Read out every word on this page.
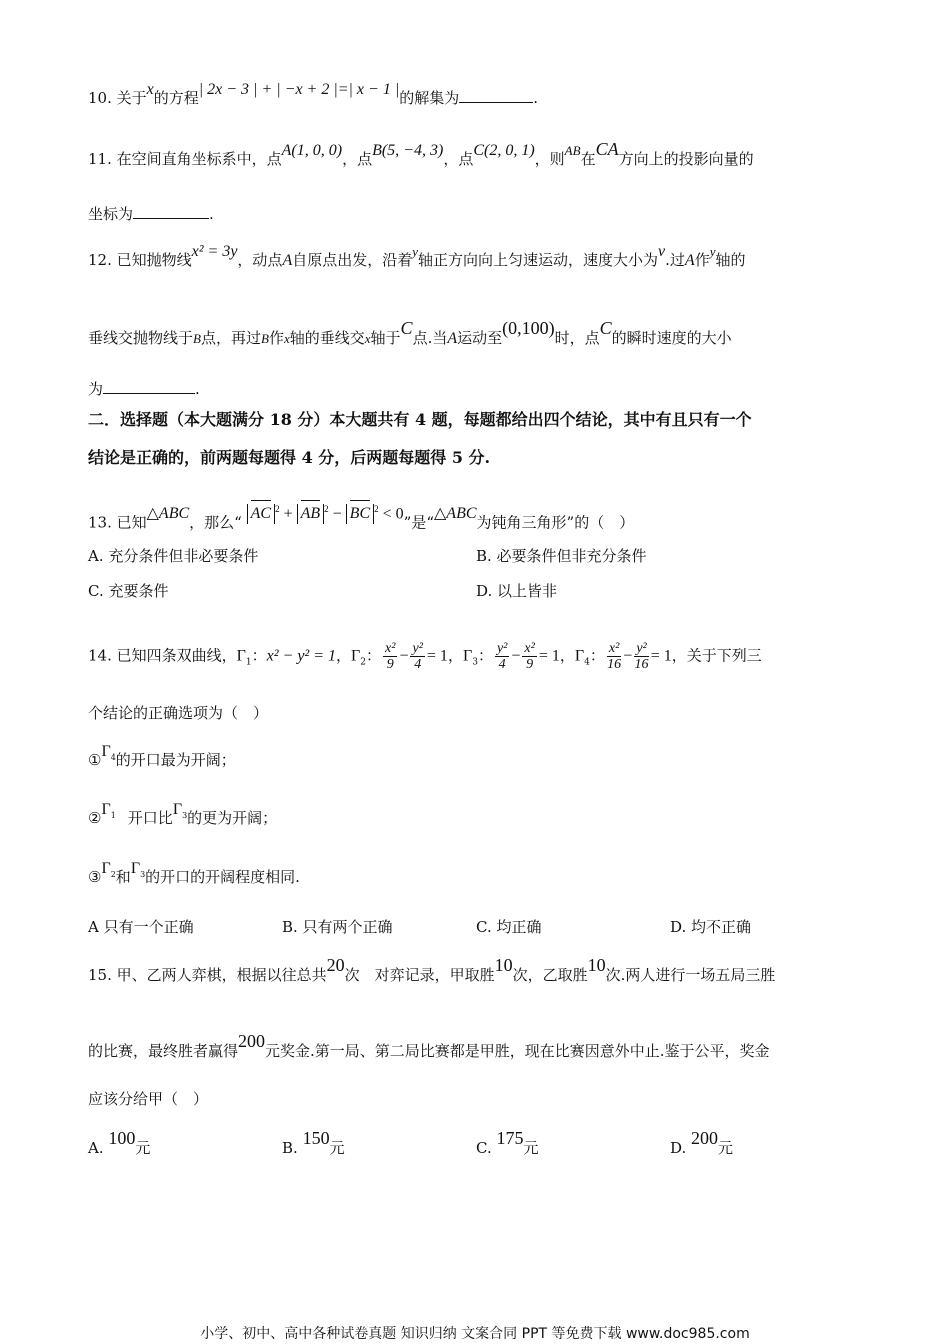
10. 关于x的方程| 2x − 3 | + | −x + 2 |=| x − 1 |的解集为	.
11. 在空间直角坐标系中，点A(1, 0, 0)，点B(5, −4, 3)，点C(2, 0, 1)，则AB在CA方向上的投影向量的
坐标为	.
12. 已知抛物线x² = 3y，动点A自原点出发，沿着y轴正方向向上匀速运动，速度大小为v.过A作y轴的
垂线交抛物线于B点，再过B作x轴的垂线交x轴于C点.当A运动至(0,100)时，点C的瞬时速度的大小
为	.
二．选择题（本大题满分 18 分）本大题共有 4 题，每题都给出四个结论，其中有且只有一个
结论是正确的，前两题每题得 4 分，后两题每题得 5 分.
13. 已知△ABC，那么“ AC $^2$ + AB $^2$ − BC $^2$ < 0”是“△ABC为钝角三角形”的（　）
A. 充分条件但非必要条件	B. 必要条件但非充分条件
C. 充要条件	D. 以上皆非
14. 已知四条双曲线，$\Gamma_1$：x² − y² = 1，$\Gamma_2$： $\frac{\text{x²}}{9} - \frac{\text{y²}}{4} = 1$，$\Gamma_3$： $\frac{\text{y²}}{4} - \frac{\text{x²}}{9} = 1$，$\Gamma_4$： $\frac{\text{x²}}{16} - \frac{\text{y²}}{16} = 1$，关于下列三
个结论的正确选项为（　）
$①\Gamma_4$的开口最为开阔；
$②\Gamma_1$ 开口比$\Gamma_3$的更为开阔；
$③\Gamma_2$和$\Gamma_3$的开口的开阔程度相同.
A 只有一个正确	B. 只有两个正确	C. 均正确	D. 均不正确
15. 甲、乙两人弈棋，根据以往总共20次　对弈记录，甲取胜10次，乙取胜10次.两人进行一场五局三胜
的比赛，最终胜者赢得200元奖金.第一局、第二局比赛都是甲胜，现在比赛因意外中止.鉴于公平，奖金
应该分给甲（　）
A. 100元	B. 150元	C. 175元	D. 200元
小学、初中、高中各种试卷真题 知识归纳 文案合同 PPT 等免费下载 www.doc985.com
